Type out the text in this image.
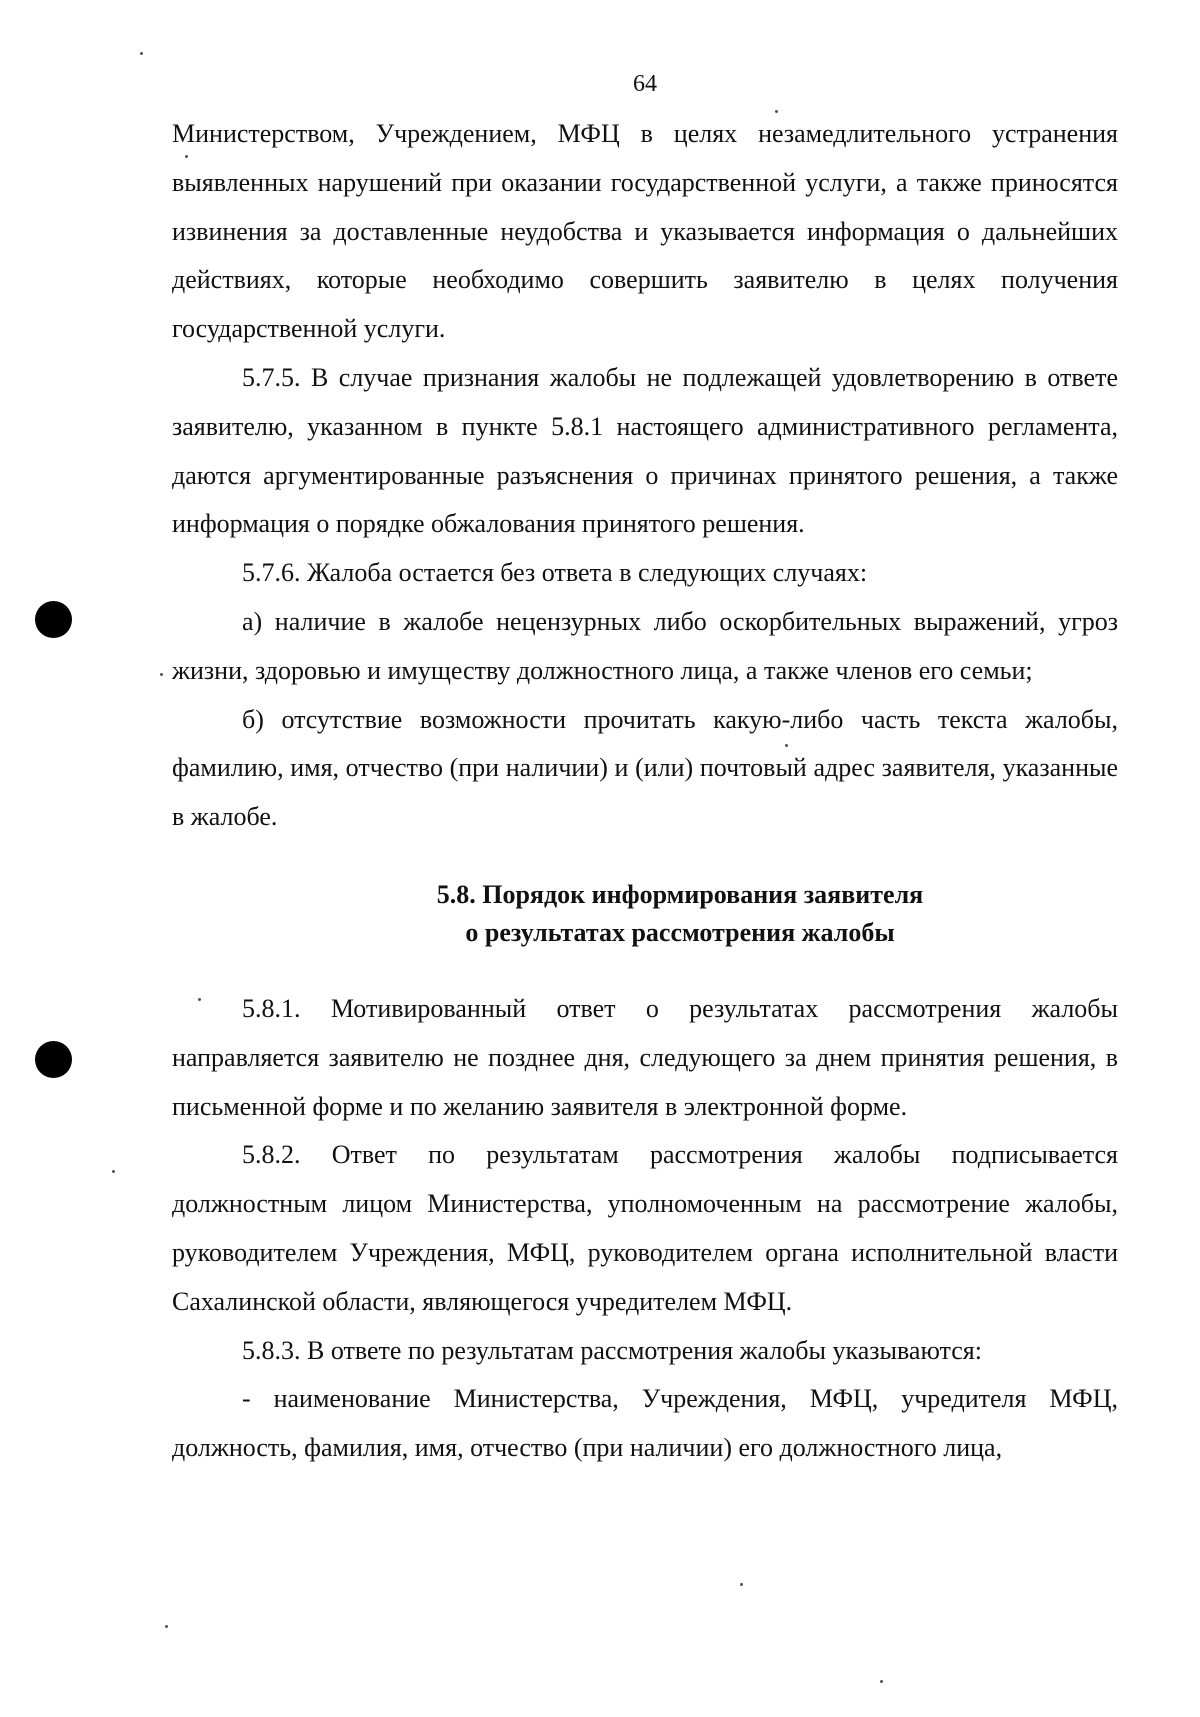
64

Министерством, Учреждением, МФЦ в целях незамедлительного устранения выявленных нарушений при оказании государственной услуги, а также приносятся извинения за доставленные неудобства и указывается информация о дальнейших действиях, которые необходимо совершить заявителю в целях получения государственной услуги.

5.7.5. В случае признания жалобы не подлежащей удовлетворению в ответе заявителю, указанном в пункте 5.8.1 настоящего административного регламента, даются аргументированные разъяснения о причинах принятого решения, а также информация о порядке обжалования принятого решения.

5.7.6. Жалоба остается без ответа в следующих случаях:

а) наличие в жалобе нецензурных либо оскорбительных выражений, угроз жизни, здоровью и имуществу должностного лица, а также членов его семьи;

б) отсутствие возможности прочитать какую-либо часть текста жалобы, фамилию, имя, отчество (при наличии) и (или) почтовый адрес заявителя, указанные в жалобе.

5.8. Порядок информирования заявителя
о результатах рассмотрения жалобы

5.8.1. Мотивированный ответ о результатах рассмотрения жалобы направляется заявителю не позднее дня, следующего за днем принятия решения, в письменной форме и по желанию заявителя в электронной форме.

5.8.2. Ответ по результатам рассмотрения жалобы подписывается должностным лицом Министерства, уполномоченным на рассмотрение жалобы, руководителем Учреждения, МФЦ, руководителем органа исполнительной власти Сахалинской области, являющегося учредителем МФЦ.

5.8.3. В ответе по результатам рассмотрения жалобы указываются:

- наименование Министерства, Учреждения, МФЦ, учредителя МФЦ, должность, фамилия, имя, отчество (при наличии) его должностного лица,
